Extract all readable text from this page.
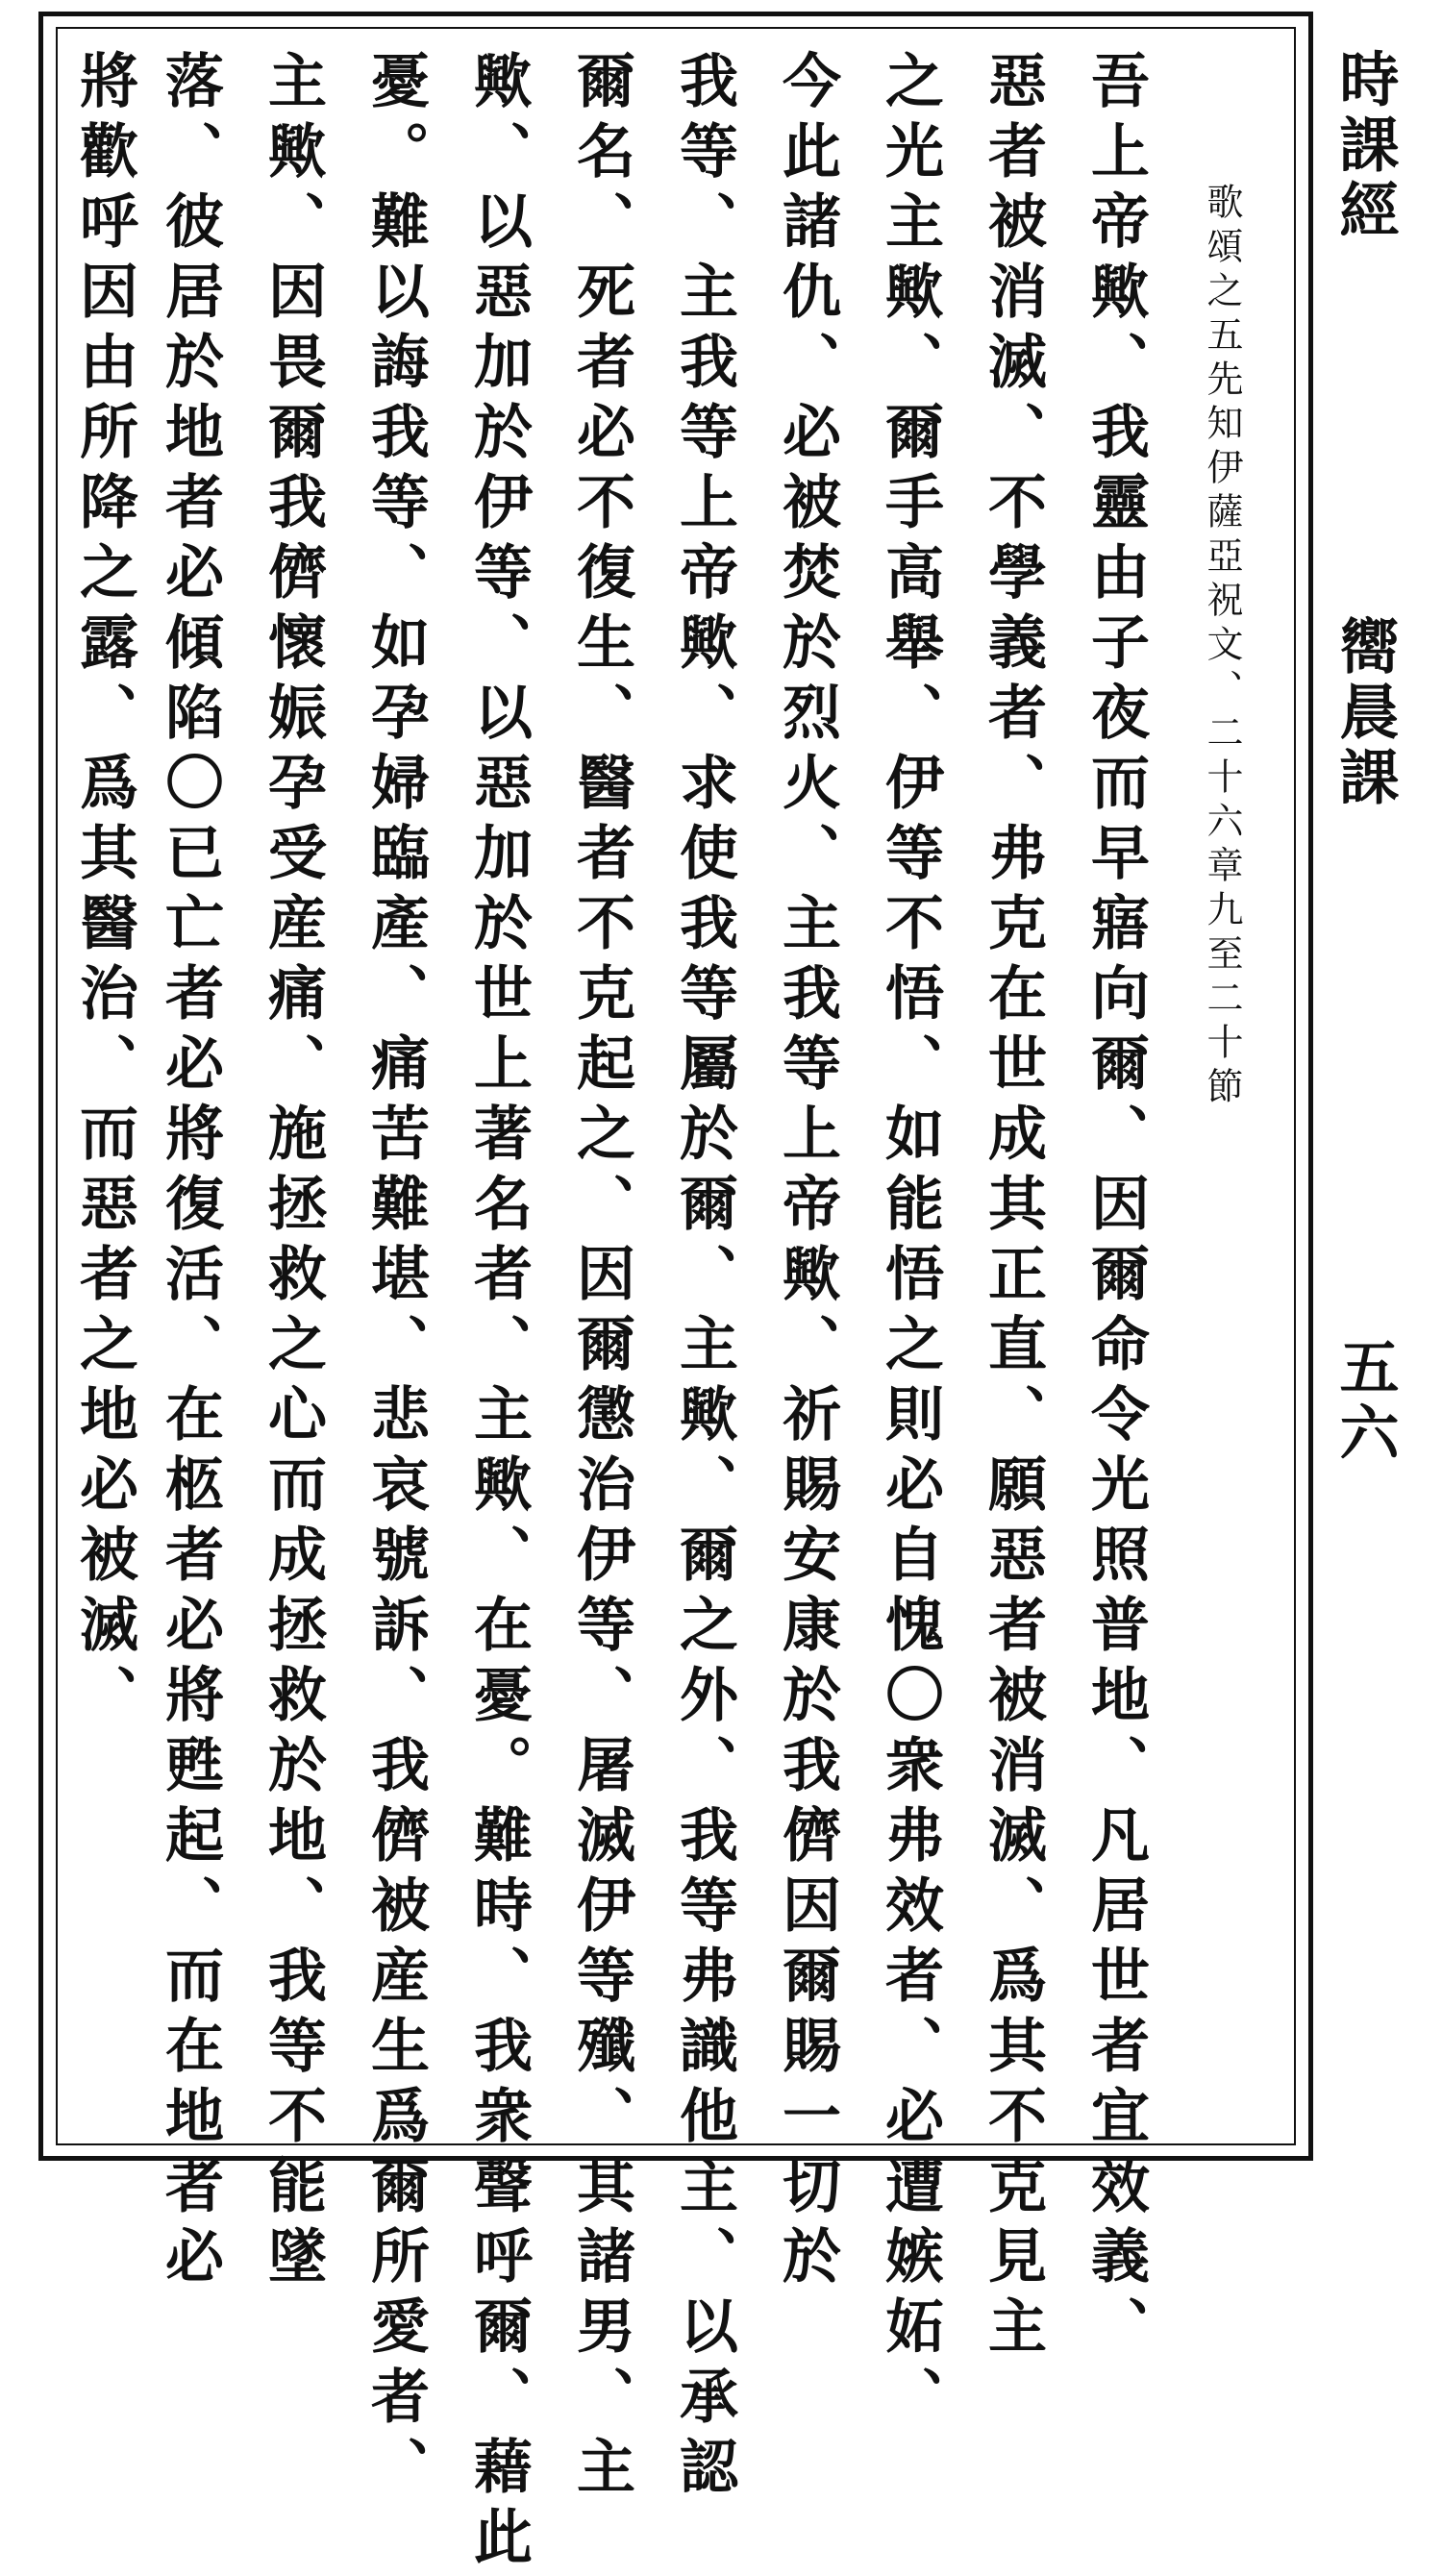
時課經
嚮晨課
五六
歌頌之五先知伊薩亞祝文、二十六章九至二十節
吾上帝歟、我靈由子夜而早寤向爾、因爾命令光照普地、凡居世者宜效義、
惡者被消滅、不學義者、弗克在世成其正直、願惡者被消滅、爲其不克見主
之光主歟、爾手高舉、伊等不悟、如能悟之則必自愧〇衆弗效者、必遭嫉妬、
今此諸仇、必被焚於烈火、主我等上帝歟、祈賜安康於我儕因爾賜一切於
我等、主我等上帝歟、求使我等屬於爾、主歟、爾之外、我等弗識他主、以承認
爾名、死者必不復生、醫者不克起之、因爾懲治伊等、屠滅伊等殲、其諸男、主
歟、以惡加於伊等、以惡加於世上著名者、主歟、在憂。難時、我衆聲呼爾、藉此
憂。難以誨我等、如孕婦臨產、痛苦難堪、悲哀號訴、我儕被産生爲爾所愛者、
主歟、因畏爾我儕懷娠孕受産痛、施拯救之心而成拯救於地、我等不能墜
落、彼居於地者必傾陷〇已亡者必將復活、在柩者必將甦起、而在地者必
將歡呼因由所降之露、爲其醫治、而惡者之地必被滅、
